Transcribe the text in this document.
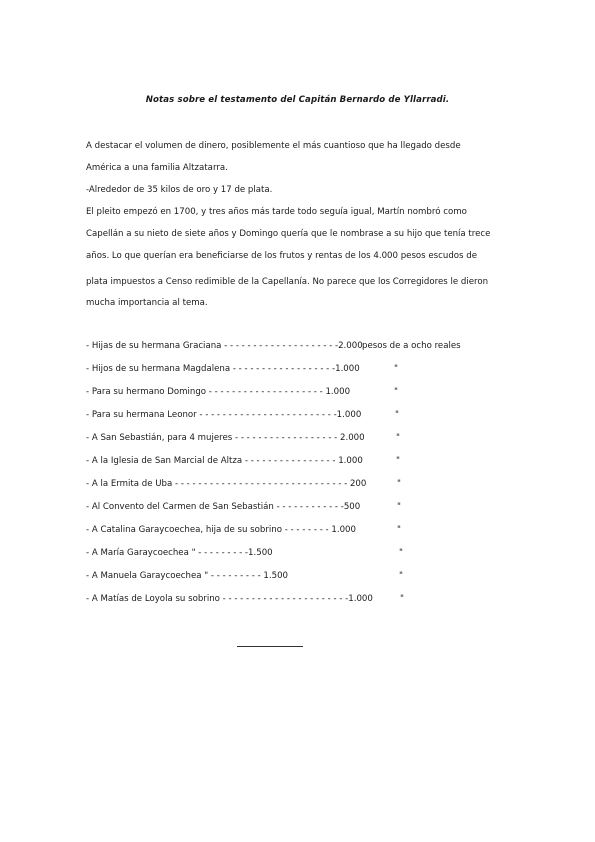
Notas sobre el testamento del Capitán Bernardo de Yllarradi.
A destacar el volumen de dinero, posiblemente el más cuantioso que ha llegado desde
América a una familia Altzatarra.
-Alrededor de 35 kilos de oro y 17 de plata.
El pleito empezó en 1700, y tres años más tarde todo seguía igual, Martín nombró como
Capellán a su nieto de siete años y Domingo quería que le nombrase a su hijo que tenía trece
años. Lo que querían era beneficiarse de los frutos y rentas de los 4.000 pesos escudos de
plata impuestos a Censo redimible de la Capellanía. No parece que los Corregidores le dieron
mucha importancia al tema.
- Hijas de su hermana Graciana - - - - - - - - - - - - - - - - - - - -2.000 pesos de a ocho reales
- Hijos de su hermana Magdalena - - - - - - - - - - - - - - - - - -1.000	"
- Para su hermano Domingo - - - - - - - - - - - - - - - - - - - - 1.000	"
- Para su hermana Leonor - - - - - - - - - - - - - - - - - - - - - - - -1.000	"
- A San Sebastián, para 4 mujeres - - - - - - - - - - - - - - - - - - 2.000	"
- A la Iglesia de San Marcial de Altza - - - - - - - - - - - - - - - - 1.000	"
- A la Ermita de Uba - - - - - - - - - - - - - - - - - - - - - - - - - - - - - - 200	"
- Al Convento del Carmen de San Sebastián - - - - - - - - - - - -500	"
- A Catalina Garaycoechea, hija de su sobrino - - - - - - - - 1.000	"
- A María Garaycoechea " - - - - - - - - -1.500	"
- A Manuela Garaycoechea " - - - - - - - - - 1.500	"
- A Matías de Loyola su sobrino - - - - - - - - - - - - - - - - - - - - - -1.000	"
